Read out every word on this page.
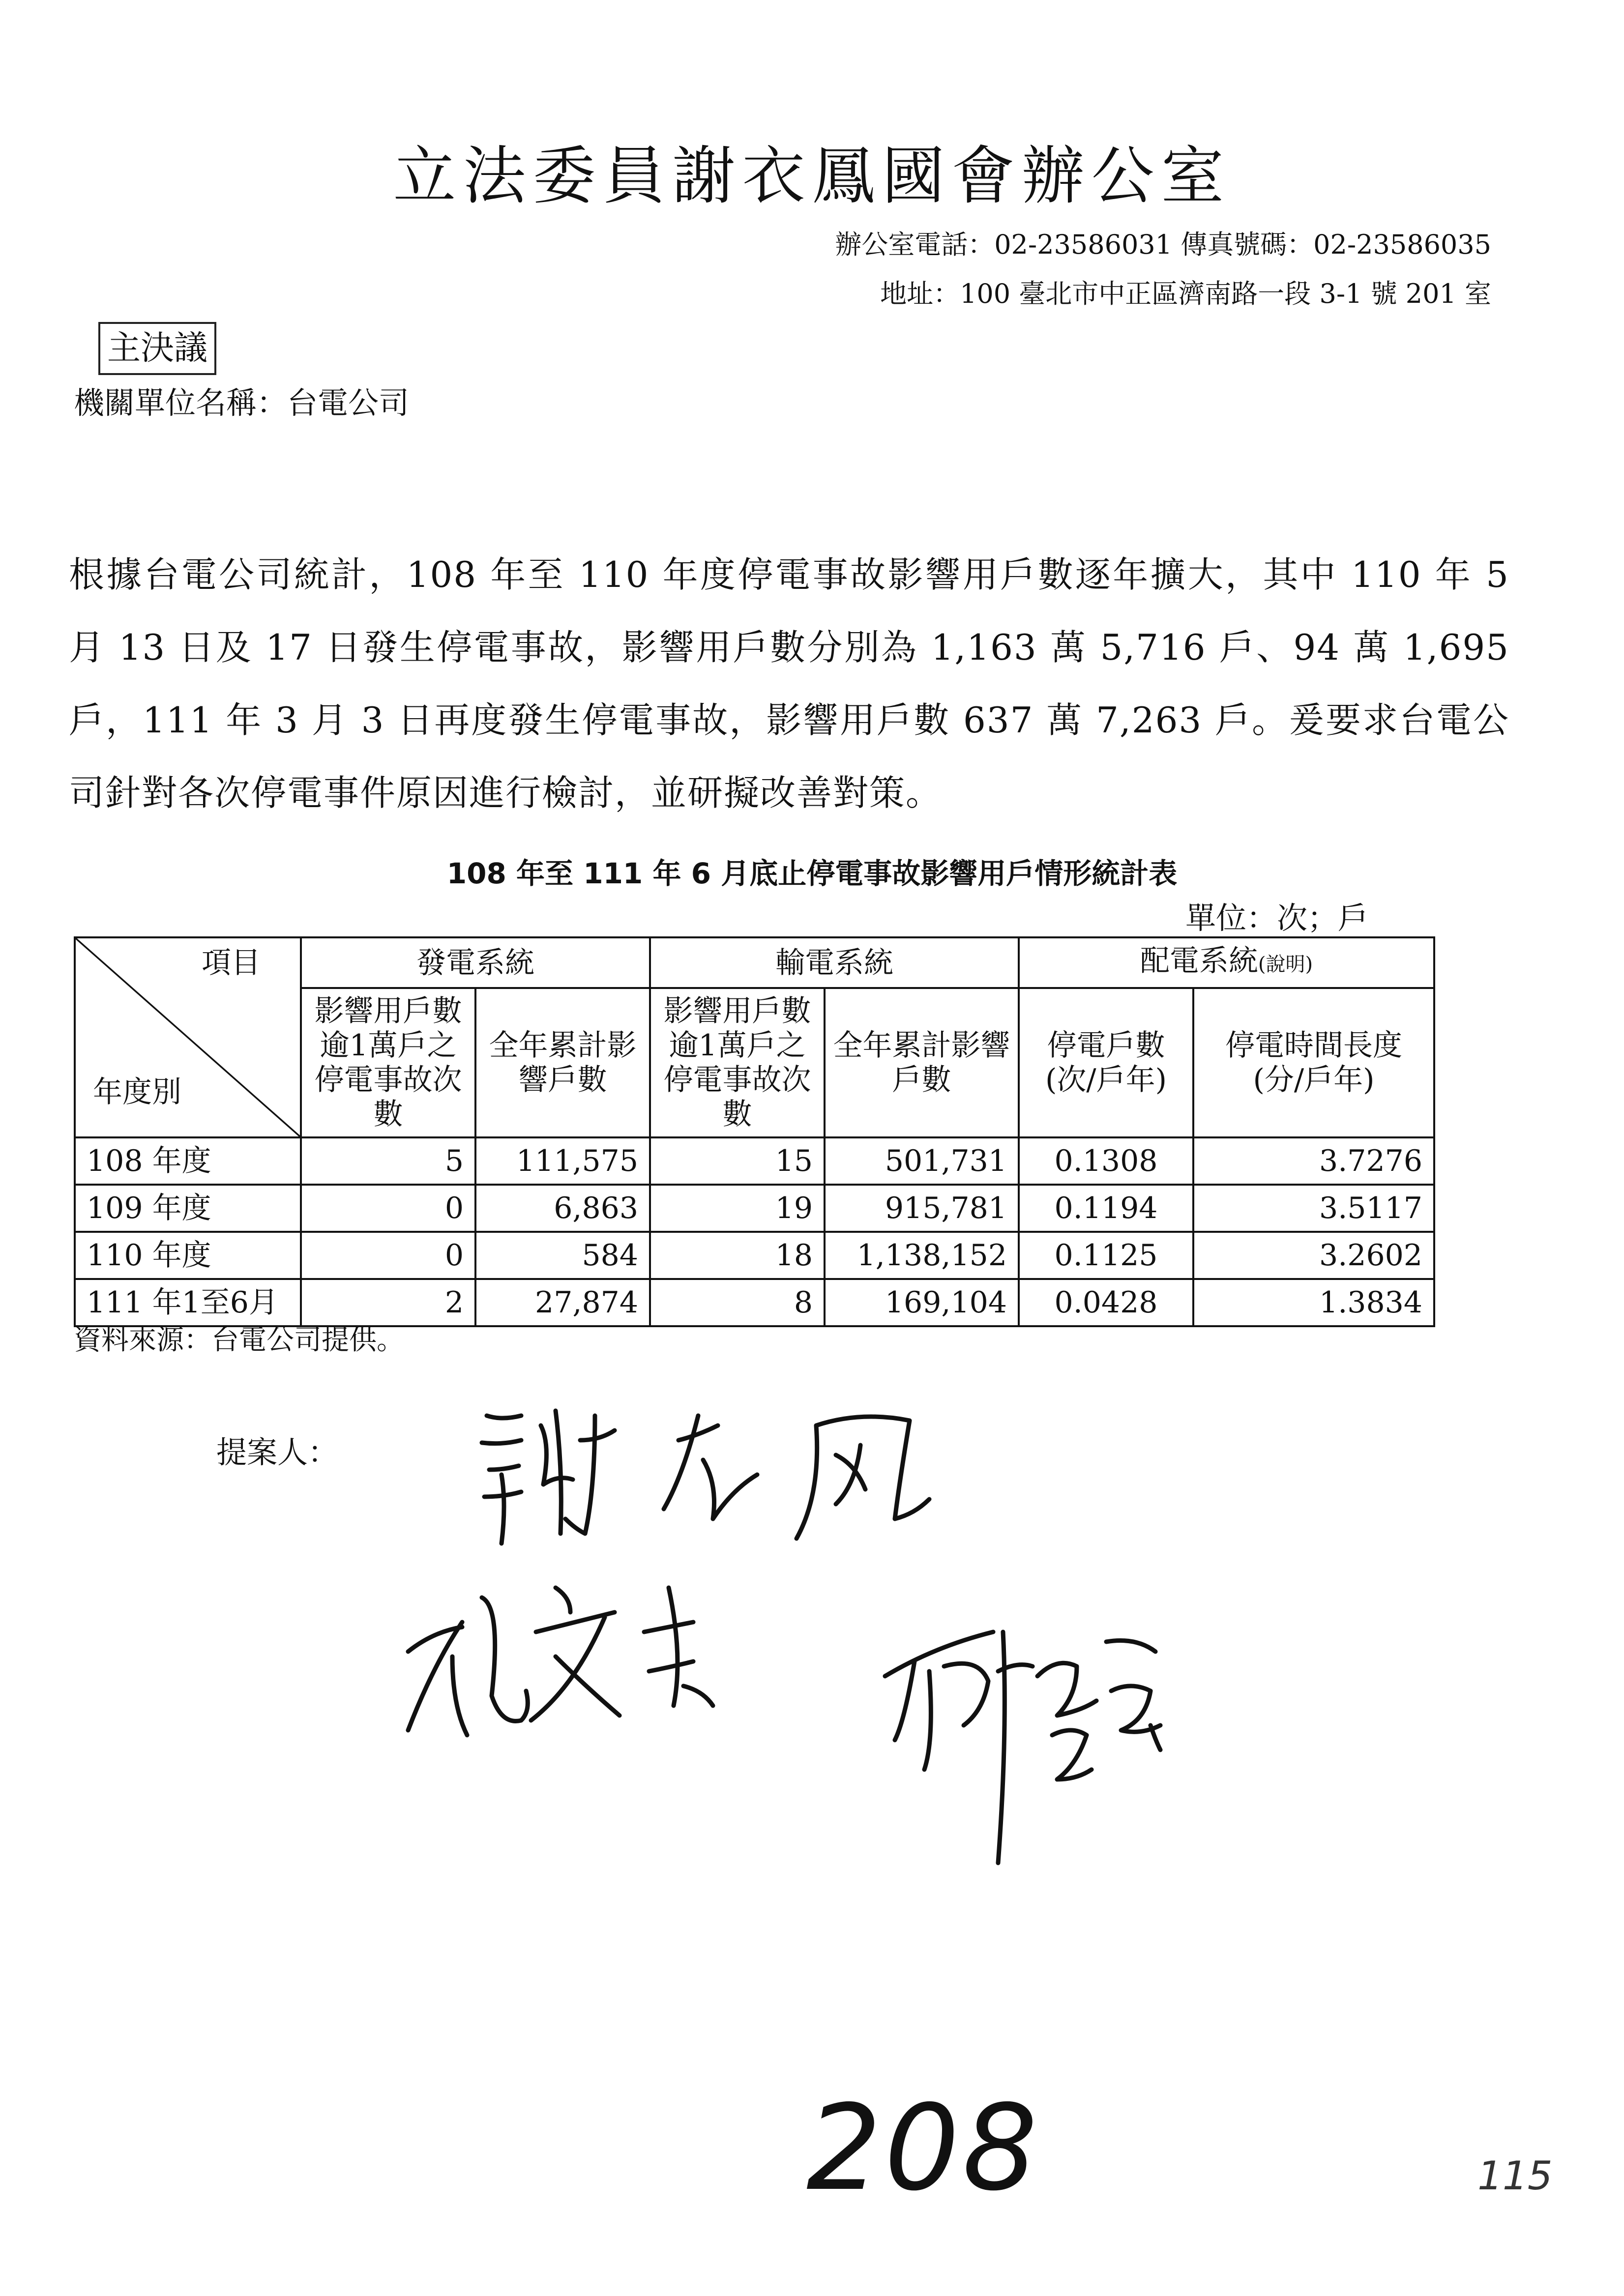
立法委員謝衣鳳國會辦公室
辦公室電話：02-23586031 傳真號碼：02-23586035
地址：100 臺北市中正區濟南路一段 3-1 號 201 室
主決議
機關單位名稱：台電公司
根據台電公司統計，108 年至 110 年度停電事故影響用戶數逐年擴大，其中 110 年 5 月 13 日及 17 日發生停電事故，影響用戶數分別為 1,163 萬 5,716 戶、94 萬 1,695 戶，111 年 3 月 3 日再度發生停電事故，影響用戶數 637 萬 7,263 戶。爰要求台電公司針對各次停電事件原因進行檢討，並研擬改善對策。
108 年至 111 年 6 月底止停電事故影響用戶情形統計表
單位：次；戶
項目
年度別	發電系統		輸電系統		配電系統(說明)	
	影響用戶數逾1萬戶之停電事故次數	全年累計影響戶數	影響用戶數逾1萬戶之停電事故次數	全年累計影響戶數	停電戶數 (次/戶年)	停電時間長度 (分/戶年)
108 年度	5	111,575	15	501,731	0.1308	3.7276
109 年度	0	6,863	19	915,781	0.1194	3.5117
110 年度	0	584	18	1,138,152	0.1125	3.2602
111 年1至6月	2	27,874	8	169,104	0.0428	1.3834
資料來源：台電公司提供。
提案人：
208	115
